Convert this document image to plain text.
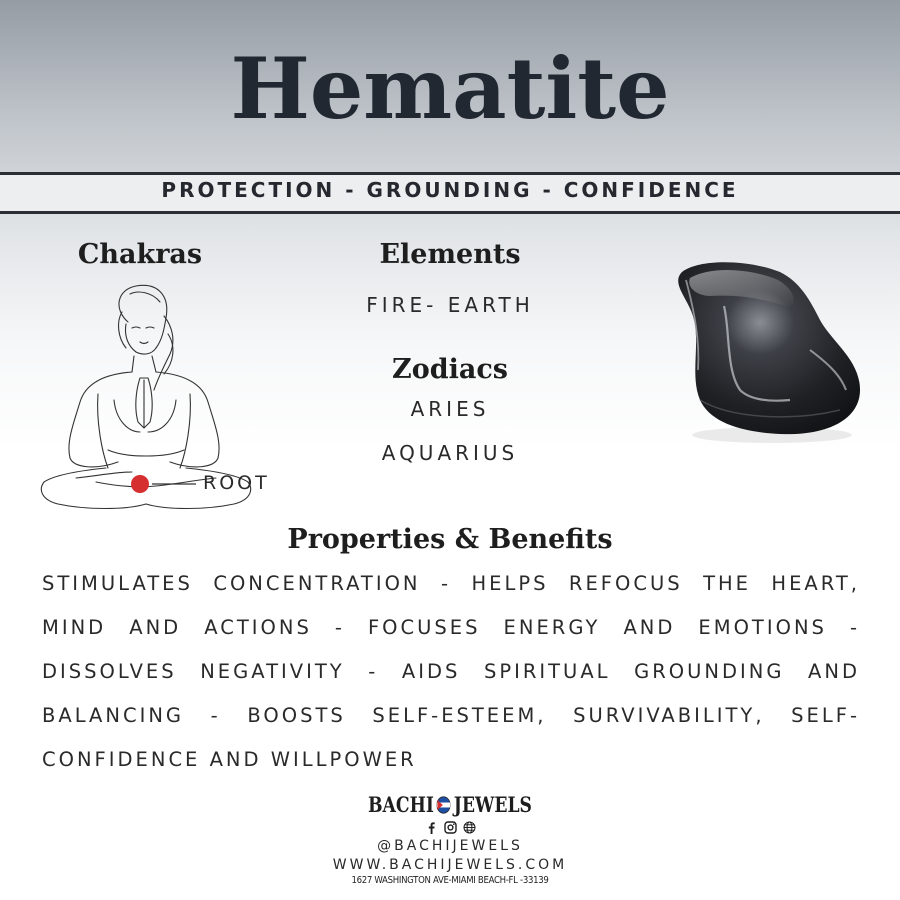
Hematite
PROTECTION - GROUNDING - CONFIDENCE
Chakras
ROOT
Elements
FIRE- EARTH
Zodiacs
ARIES
AQUARIUS
Properties & Benefits
STIMULATES CONCENTRATION - HELPS REFOCUS THE HEART, MIND AND ACTIONS - FOCUSES ENERGY AND EMOTIONS - DISSOLVES NEGATIVITY - AIDS SPIRITUAL GROUNDING AND BALANCING - BOOSTS SELF-ESTEEM, SURVIVABILITY, SELF-CONFIDENCE AND WILLPOWER
BACHI JEWELS
@BACHIJEWELS
WWW.BACHIJEWELS.COM
1627 WASHINGTON AVE-MIAMI BEACH-FL -33139
